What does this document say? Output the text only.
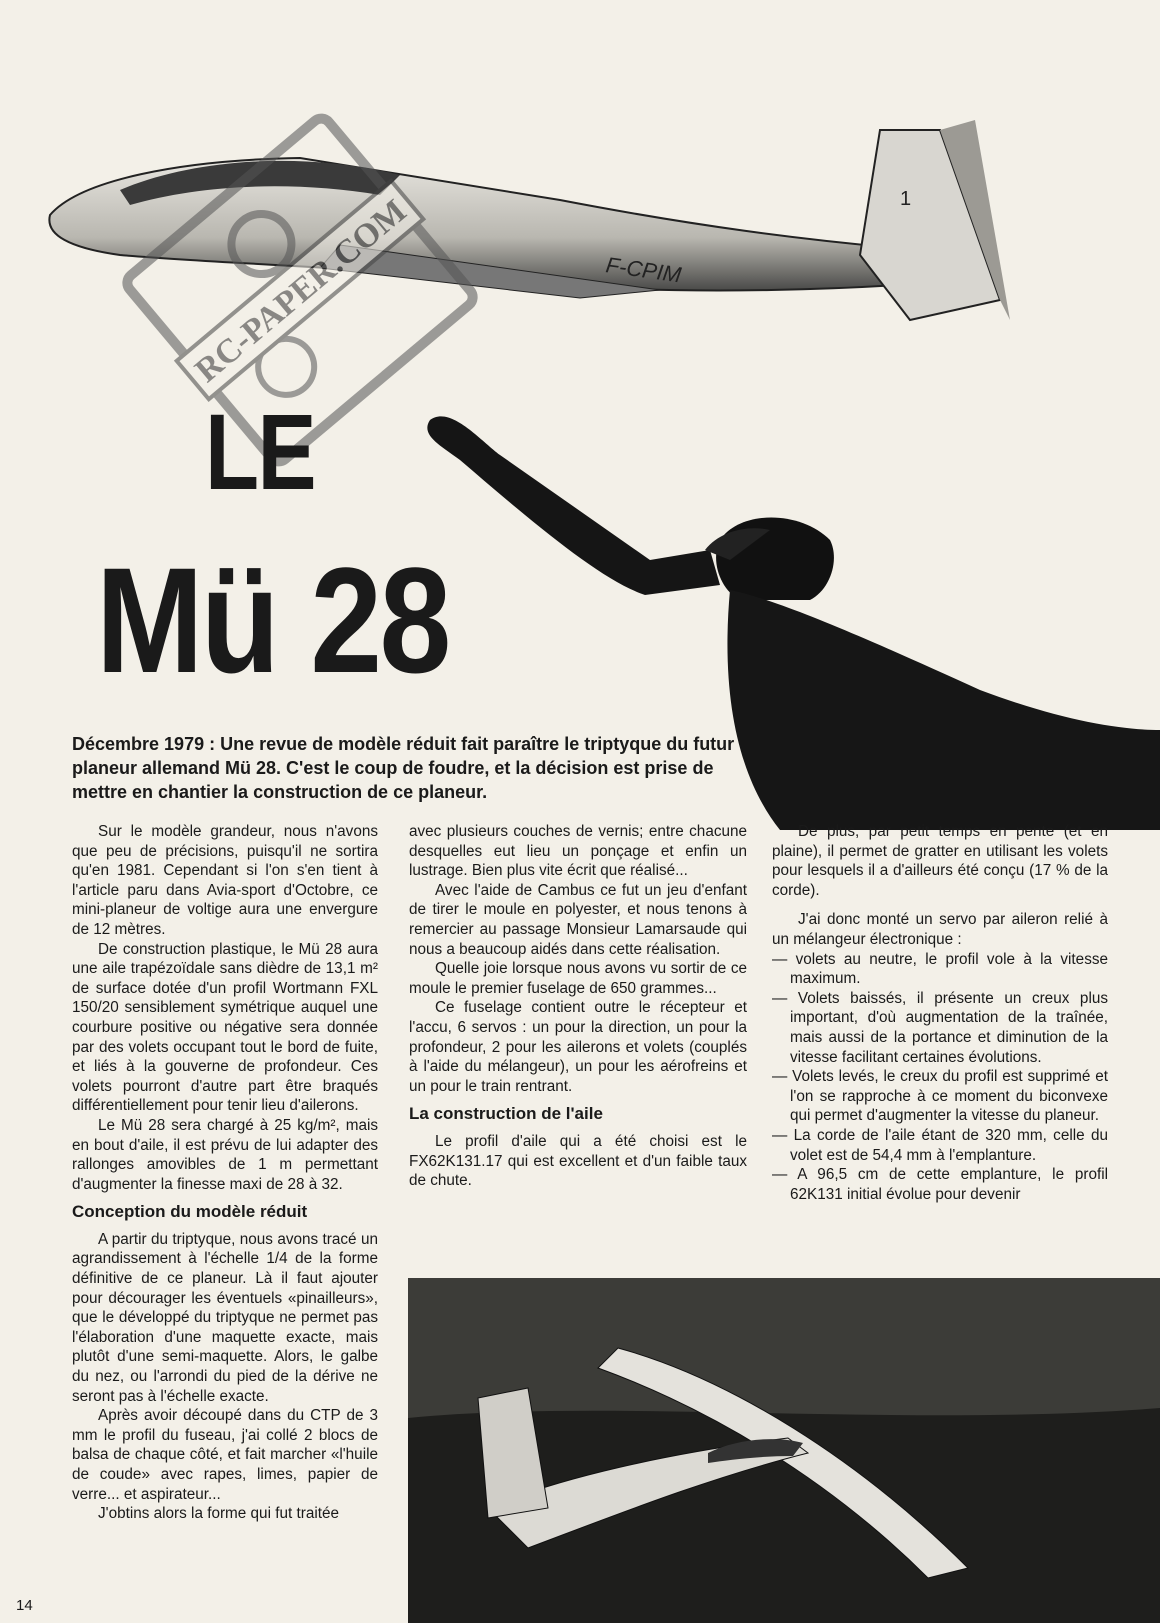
1
F-CPIM
RC-PAPER.COM
LE
Mü 28
Décembre 1979 : Une revue de modèle réduit fait paraître le triptyque du futur planeur allemand Mü 28. C'est le coup de foudre, et la décision est prise de mettre en chantier la construction de ce planeur.

Sur le modèle grandeur, nous n'avons que peu de précisions, puisqu'il ne sortira qu'en 1981. Cependant si l'on s'en tient à l'article paru dans Avia-sport d'Octobre, ce mini-planeur de voltige aura une envergure de 12 mètres.

De construction plastique, le Mü 28 aura une aile trapézoïdale sans dièdre de 13,1 m² de surface dotée d'un profil Wortmann FXL 150/20 sensiblement symétrique auquel une courbure positive ou négative sera donnée par des volets occupant tout le bord de fuite, et liés à la gouverne de profondeur. Ces volets pourront d'autre part être braqués différentiellement pour tenir lieu d'ailerons.

Le Mü 28 sera chargé à 25 kg/m², mais en bout d'aile, il est prévu de lui adapter des rallonges amovibles de 1 m permettant d'augmenter la finesse maxi de 28 à 32.

Conception du modèle réduit

A partir du triptyque, nous avons tracé un agrandissement à l'échelle 1/4 de la forme définitive de ce planeur. Là il faut ajouter pour décourager les éventuels «pinailleurs», que le développé du triptyque ne permet pas l'élaboration d'une maquette exacte, mais plutôt d'une semi-maquette. Alors, le galbe du nez, ou l'arrondi du pied de la dérive ne seront pas à l'échelle exacte.

Après avoir découpé dans du CTP de 3 mm le profil du fuseau, j'ai collé 2 blocs de balsa de chaque côté, et fait marcher «l'huile de coude» avec rapes, limes, papier de verre... et aspirateur...

J'obtins alors la forme qui fut traitée

avec plusieurs couches de vernis; entre chacune desquelles eut lieu un ponçage et enfin un lustrage. Bien plus vite écrit que réalisé...

Avec l'aide de Cambus ce fut un jeu d'enfant de tirer le moule en polyester, et nous tenons à remercier au passage Monsieur Lamarsaude qui nous a beaucoup aidés dans cette réalisation.

Quelle joie lorsque nous avons vu sortir de ce moule le premier fuselage de 650 grammes...

Ce fuselage contient outre le récepteur et l'accu, 6 servos : un pour la direction, un pour la profondeur, 2 pour les ailerons et volets (couplés à l'aide du mélangeur), un pour les aérofreins et un pour le train rentrant.

La construction de l'aile

Le profil d'aile qui a été choisi est le FX62K131.17 qui est excellent et d'un faible taux de chute.

De plus, par petit temps en pente (et en plaine), il permet de gratter en utilisant les volets pour lesquels il a d'ailleurs été conçu (17 % de la corde).

J'ai donc monté un servo par aileron relié à un mélangeur électronique :

— volets au neutre, le profil vole à la vitesse maximum.
— Volets baissés, il présente un creux plus important, d'où augmentation de la traînée, mais aussi de la portance et diminution de la vitesse facilitant certaines évolutions.
— Volets levés, le creux du profil est supprimé et l'on se rapproche à ce moment du biconvexe qui permet d'augmenter la vitesse du planeur.
— La corde de l'aile étant de 320 mm, celle du volet est de 54,4 mm à l'emplanture.
— A 96,5 cm de cette emplanture, le profil 62K131 initial évolue pour devenir
14
